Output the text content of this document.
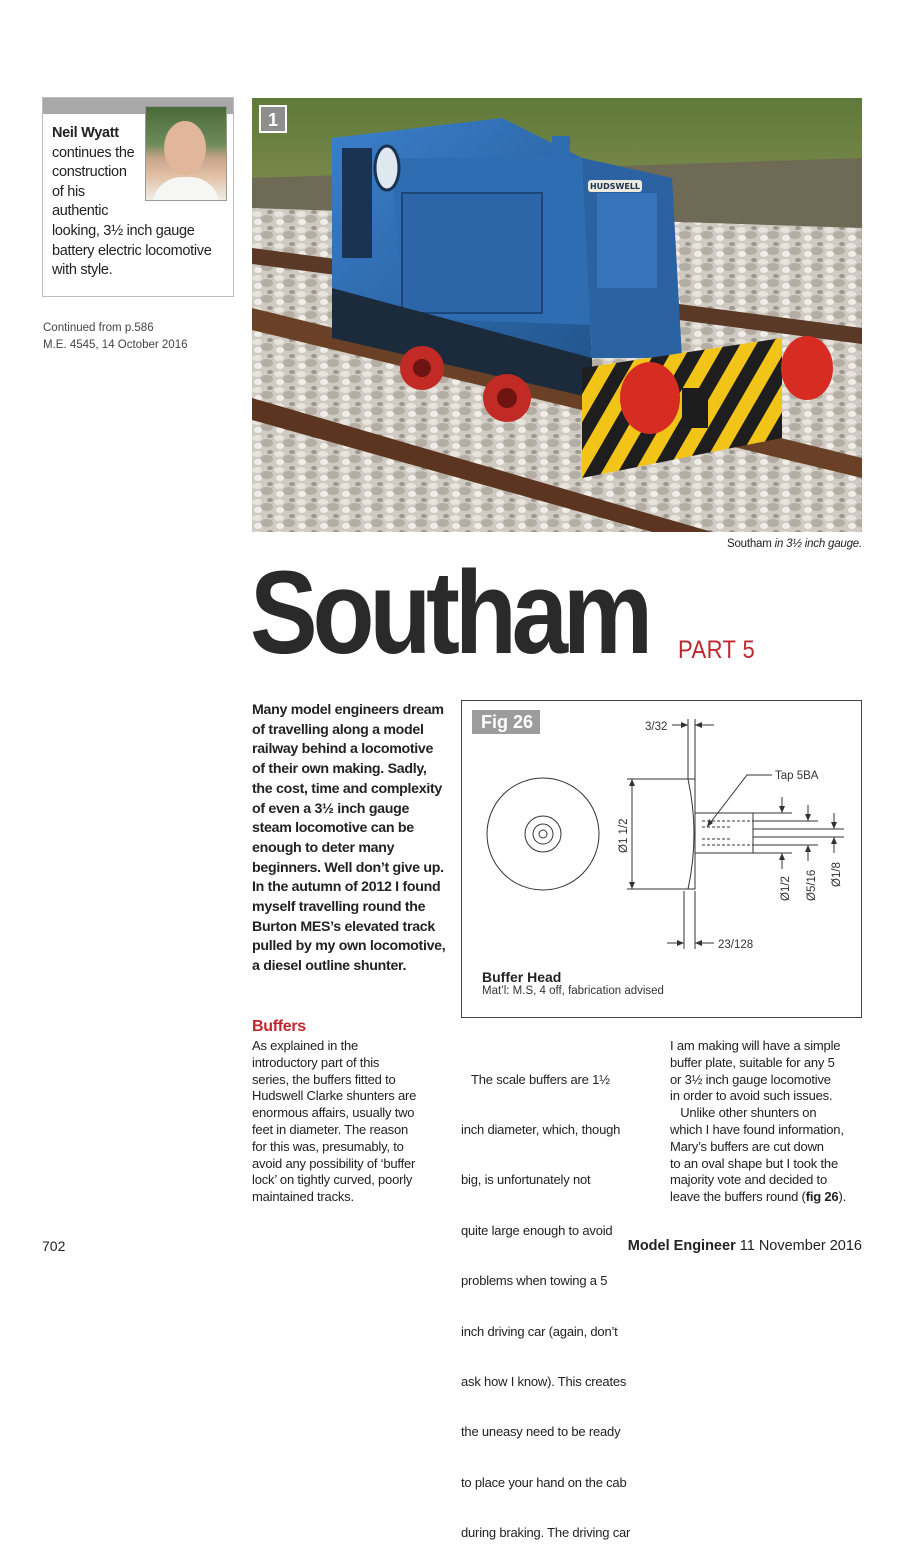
Neil Wyatt
continues the
construction
of his
authentic
looking, 3½ inch gauge
battery electric locomotive
with style.
Continued from p.586
M.E. 4545, 14 October 2016
HUDSWELL
1
Southam in 3½ inch gauge.
Southam PART 5
Many model engineers dream
of travelling along a model
railway behind a locomotive
of their own making. Sadly,
the cost, time and complexity
of even a 3½ inch gauge
steam locomotive can be
enough to deter many
beginners. Well don’t give up.
In the autumn of 2012 I found
myself travelling round the
Burton MES’s elevated track
pulled by my own locomotive,
a diesel outline shunter.
Fig 26	3/32
Tap 5BA
Ø1 1/2
Ø1/2 Ø5/16 Ø1/8
23/128
Buffer Head
Mat’l: M.S, 4 off, fabrication advised
Buffers
As explained in the
introductory part of this
series, the buffers fitted to
Hudswell Clarke shunters are
enormous affairs, usually two
feet in diameter. The reason
for this was, presumably, to
avoid any possibility of ‘buffer
lock’ on tightly curved, poorly
maintained tracks.

The scale buffers are 1½

inch diameter, which, though

big, is unfortunately not

quite large enough to avoid

problems when towing a 5

inch driving car (again, don’t

ask how I know). This creates

the uneasy need to be ready

to place your hand on the cab

during braking. The driving car

I am making will have a simple
buffer plate, suitable for any 5
or 3½ inch gauge locomotive
in order to avoid such issues.
Unlike other shunters on
which I have found information,
Mary’s buffers are cut down
to an oval shape but I took the
majority vote and decided to
leave the buffers round (fig 26).
702	Model Engineer 11 November 2016
